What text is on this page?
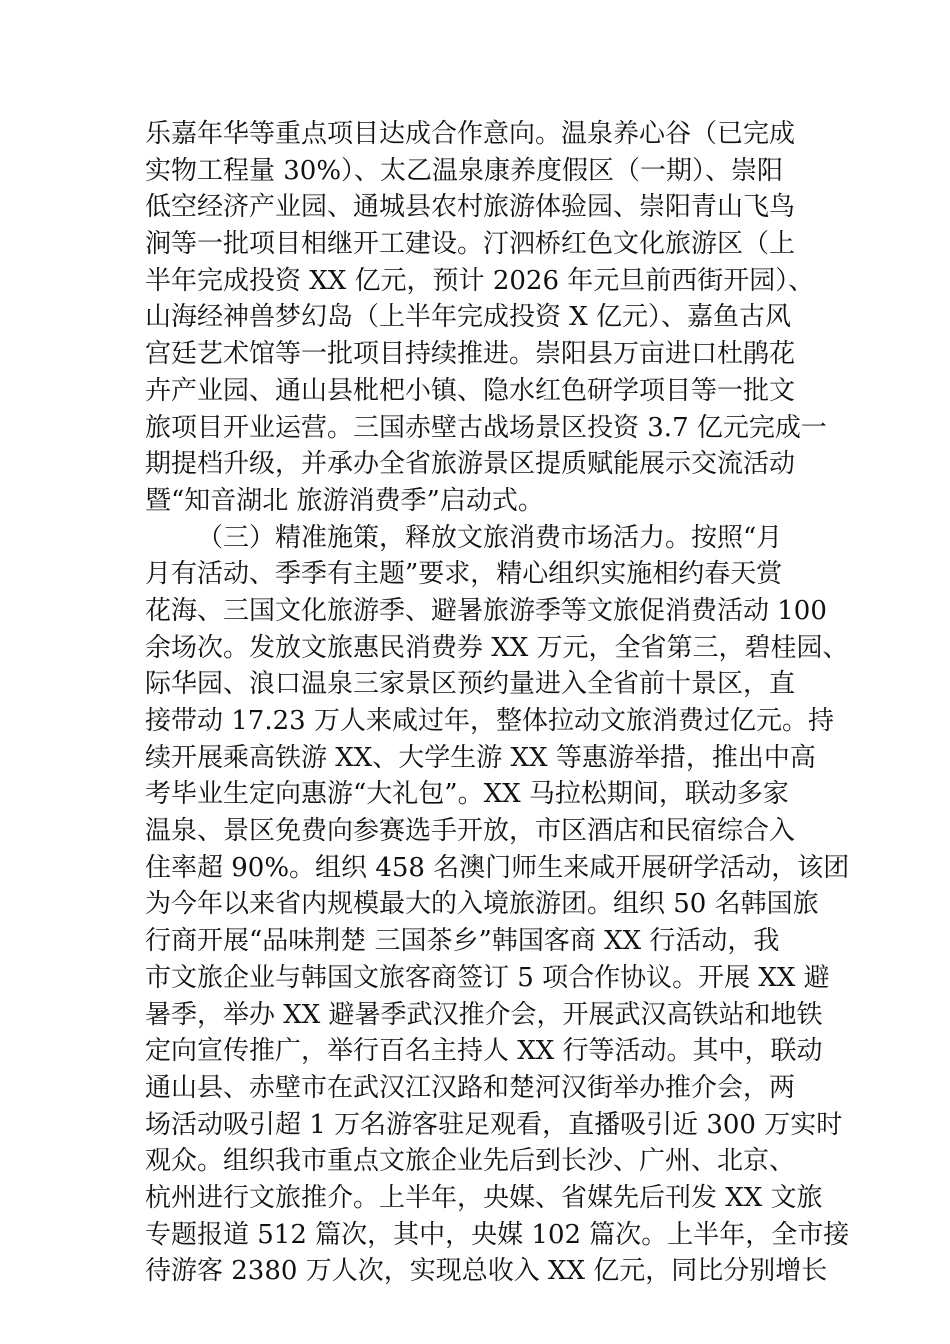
乐嘉年华等重点项目达成合作意向。温泉养心谷（已完成
实物工程量 30%）、太乙温泉康养度假区（一期）、崇阳
低空经济产业园、通城县农村旅游体验园、崇阳青山飞鸟
涧等一批项目相继开工建设。汀泗桥红色文化旅游区（上
半年完成投资 XX 亿元，预计 2026 年元旦前西街开园）、
山海经神兽梦幻岛（上半年完成投资 X 亿元）、嘉鱼古风
宫廷艺术馆等一批项目持续推进。崇阳县万亩进口杜鹃花
卉产业园、通山县枇杷小镇、隐水红色研学项目等一批文
旅项目开业运营。三国赤壁古战场景区投资 3.7 亿元完成一
期提档升级，并承办全省旅游景区提质赋能展示交流活动
暨“知音湖北 旅游消费季”启动式。
（三）精准施策，释放文旅消费市场活力。按照“月
月有活动、季季有主题”要求，精心组织实施相约春天赏
花海、三国文化旅游季、避暑旅游季等文旅促消费活动 100
余场次。发放文旅惠民消费券 XX 万元，全省第三，碧桂园、
际华园、浪口温泉三家景区预约量进入全省前十景区，直
接带动 17.23 万人来咸过年，整体拉动文旅消费过亿元。持
续开展乘高铁游 XX、大学生游 XX 等惠游举措，推出中高
考毕业生定向惠游“大礼包”。XX 马拉松期间，联动多家
温泉、景区免费向参赛选手开放，市区酒店和民宿综合入
住率超 90%。组织 458 名澳门师生来咸开展研学活动，该团
为今年以来省内规模最大的入境旅游团。组织 50 名韩国旅
行商开展“品味荆楚 三国茶乡”韩国客商 XX 行活动，我
市文旅企业与韩国文旅客商签订 5 项合作协议。开展 XX 避
暑季，举办 XX 避暑季武汉推介会，开展武汉高铁站和地铁
定向宣传推广，举行百名主持人 XX 行等活动。其中，联动
通山县、赤壁市在武汉江汉路和楚河汉街举办推介会，两
场活动吸引超 1 万名游客驻足观看，直播吸引近 300 万实时
观众。组织我市重点文旅企业先后到长沙、广州、北京、
杭州进行文旅推介。上半年，央媒、省媒先后刊发 XX 文旅
专题报道 512 篇次，其中，央媒 102 篇次。上半年，全市接
待游客 2380 万人次，实现总收入 XX 亿元，同比分别增长
